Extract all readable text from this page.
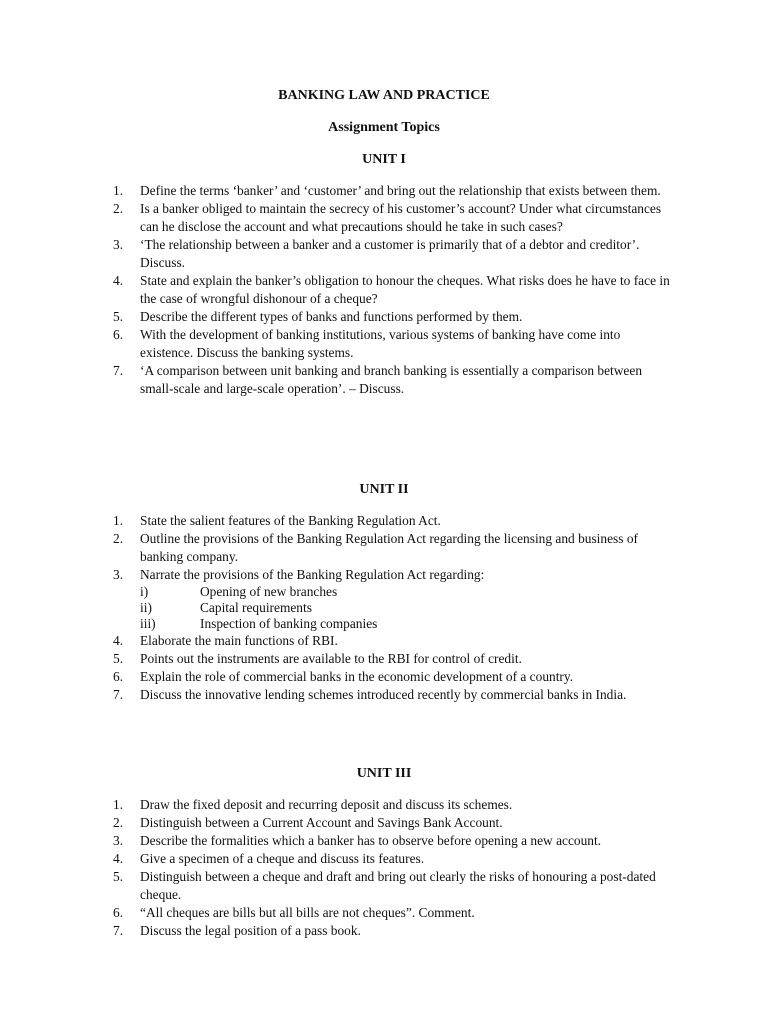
BANKING LAW AND PRACTICE
Assignment Topics
UNIT I
1. Define the terms ‘banker’ and ‘customer’ and bring out the relationship that exists between them.
2. Is a banker obliged to maintain the secrecy of his customer’s account? Under what circumstances can he disclose the account and what precautions should he take in such cases?
3. ‘The relationship between a banker and a customer is primarily that of a debtor and creditor’. Discuss.
4. State and explain the banker’s obligation to honour the cheques. What risks does he have to face in the case of wrongful dishonour of a cheque?
5. Describe the different types of banks and functions performed by them.
6. With the development of banking institutions, various systems of banking have come into existence. Discuss the banking systems.
7. ‘A comparison between unit banking and branch banking is essentially a comparison between small-scale and large-scale operation’. – Discuss.
UNIT II
1. State the salient features of the Banking Regulation Act.
2. Outline the provisions of the Banking Regulation Act regarding the licensing and business of banking company.
3. Narrate the provisions of the Banking Regulation Act regarding:
i)	Opening of new branches
ii)	Capital requirements
iii)	Inspection of banking companies
4. Elaborate the main functions of RBI.
5. Points out the instruments are available to the RBI for control of credit.
6. Explain the role of commercial banks in the economic development of a country.
7. Discuss the innovative lending schemes introduced recently by commercial banks in India.
UNIT III
1. Draw the fixed deposit and recurring deposit and discuss its schemes.
2. Distinguish between a Current Account and Savings Bank Account.
3. Describe the formalities which a banker has to observe before opening a new account.
4. Give a specimen of a cheque and discuss its features.
5. Distinguish between a cheque and draft and bring out clearly the risks of honouring a post-dated cheque.
6. “All cheques are bills but all bills are not cheques”. Comment.
7. Discuss the legal position of a pass book.
